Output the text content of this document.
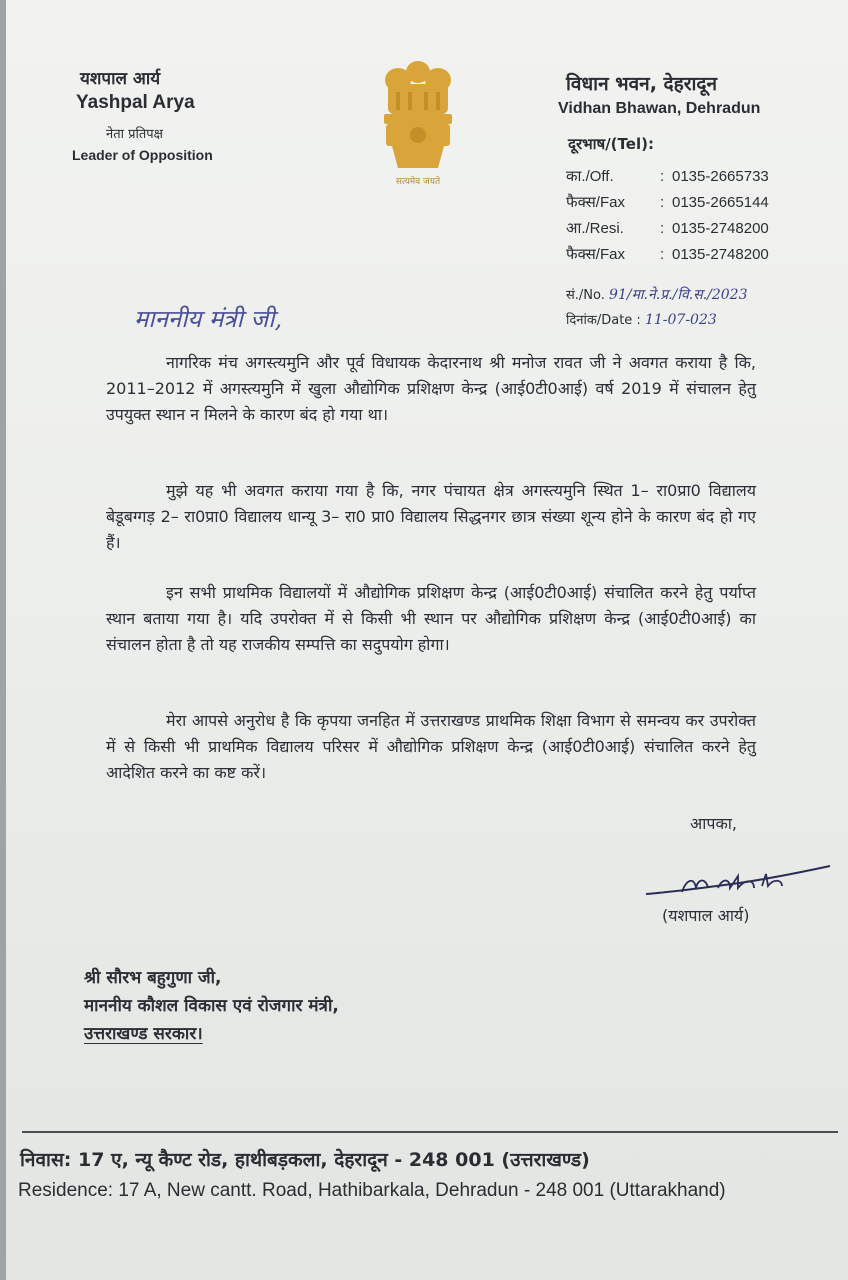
यशपाल आर्य
Yashpal Arya
नेता प्रतिपक्ष
Leader of Opposition
सत्यमेव जयते
विधान भवन, देहरादून
Vidhan Bhawan, Dehradun
दूरभाष/(Tel):
का./Off.	: 0135-2665733
फैक्स/Fax : 0135-2665144
आ./Resi. : 0135-2748200
फैक्स/Fax : 0135-2748200
सं./No. 91/मा.ने.प्र./वि.स./2023
दिनांक/Date : 11-07-023
माननीय मंत्री जी,
नागरिक मंच अगस्त्यमुनि और पूर्व विधायक केदारनाथ श्री मनोज रावत जी ने अवगत कराया है कि, 2011–2012 में अगस्त्यमुनि में खुला औद्योगिक प्रशिक्षण केन्द्र (आई0टी0आई) वर्ष 2019 में संचालन हेतु उपयुक्त स्थान न मिलने के कारण बंद हो गया था।
मुझे यह भी अवगत कराया गया है कि, नगर पंचायत क्षेत्र अगस्त्यमुनि स्थित 1– रा0प्रा0 विद्यालय बेडूबग्गड़ 2– रा0प्रा0 विद्यालय धान्यू 3– रा0 प्रा0 विद्यालय सिद्धनगर छात्र संख्या शून्य होने के कारण बंद हो गए हैं।
इन सभी प्राथमिक विद्यालयों में औद्योगिक प्रशिक्षण केन्द्र (आई0टी0आई) संचालित करने हेतु पर्याप्त स्थान बताया गया है। यदि उपरोक्त में से किसी भी स्थान पर औद्योगिक प्रशिक्षण केन्द्र (आई0टी0आई) का संचालन होता है तो यह राजकीय सम्पत्ति का सदुपयोग होगा।
मेरा आपसे अनुरोध है कि कृपया जनहित में उत्तराखण्ड प्राथमिक शिक्षा विभाग से समन्वय कर उपरोक्त में से किसी भी प्राथमिक विद्यालय परिसर में औद्योगिक प्रशिक्षण केन्द्र (आई0टी0आई) संचालित करने हेतु आदेशित करने का कष्ट करें।
आपका,
(यशपाल आर्य)
श्री सौरभ बहुगुणा जी,
माननीय कौशल विकास एवं रोजगार मंत्री,
उत्तराखण्ड सरकार।
निवास: 17 ए, न्यू कैण्ट रोड, हाथीबड़कला, देहरादून - 248 001 (उत्तराखण्ड)
Residence: 17 A, New cantt. Road, Hathibarkala, Dehradun - 248 001 (Uttarakhand)
